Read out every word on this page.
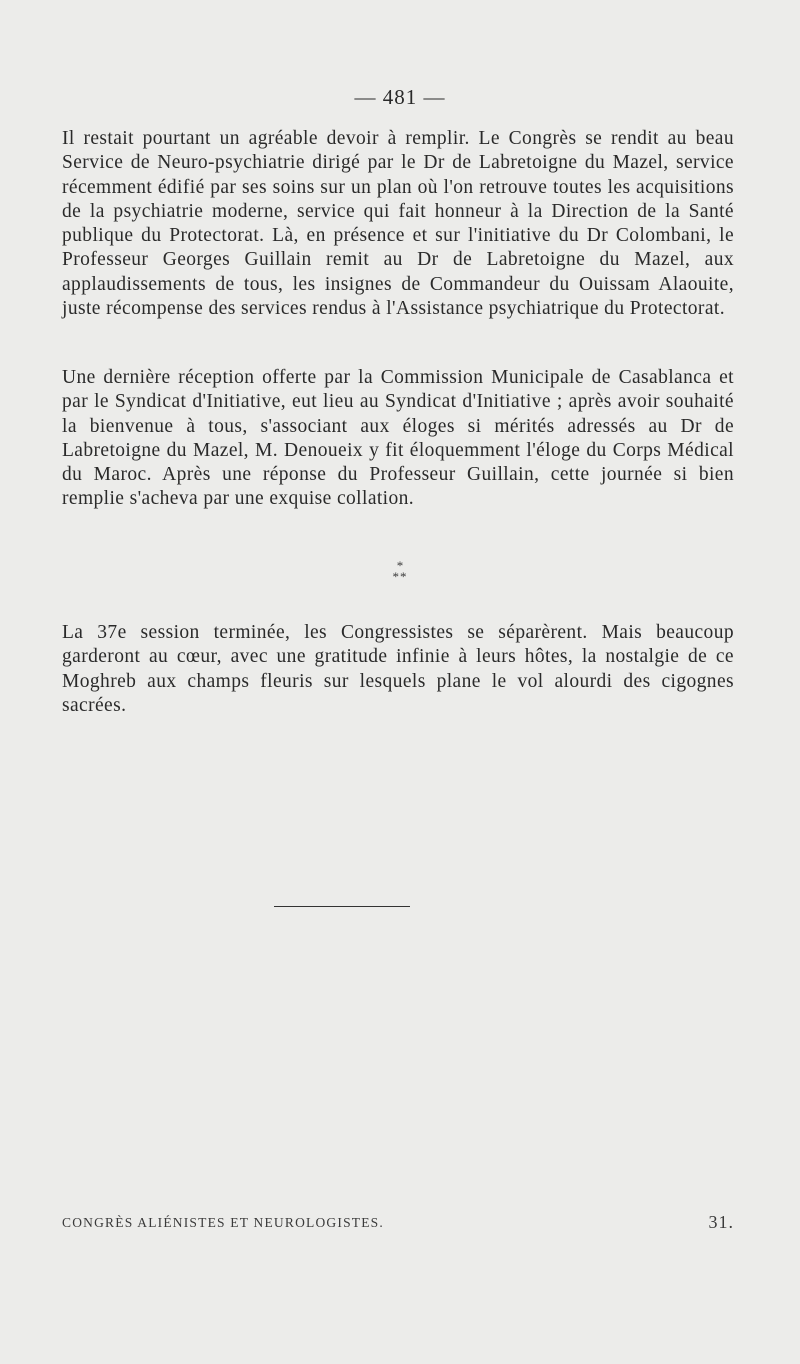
— 481 —

Il restait pourtant un agréable devoir à remplir. Le Congrès se rendit au beau Service de Neuro-psychiatrie dirigé par le Dr de Labretoigne du Mazel, service récemment édifié par ses soins sur un plan où l'on retrouve toutes les acquisitions de la psychiatrie moderne, service qui fait honneur à la Direction de la Santé publique du Protectorat. Là, en présence et sur l'initiative du Dr Colombani, le Professeur Georges Guillain remit au Dr de Labretoigne du Mazel, aux applaudissements de tous, les insignes de Commandeur du Ouissam Alaouite, juste récompense des services rendus à l'Assistance psychiatrique du Protectorat.

Une dernière réception offerte par la Commission Municipale de Casablanca et par le Syndicat d'Initiative, eut lieu au Syndicat d'Initiative ; après avoir souhaité la bienvenue à tous, s'associant aux éloges si mérités adressés au Dr de Labretoigne du Mazel, M. Denoueix y fit éloquemment l'éloge du Corps Médical du Maroc. Après une réponse du Professeur Guillain, cette journée si bien remplie s'acheva par une exquise collation.

*
**

La 37e session terminée, les Congressistes se séparèrent. Mais beaucoup garderont au cœur, avec une gratitude infinie à leurs hôtes, la nostalgie de ce Moghreb aux champs fleuris sur lesquels plane le vol alourdi des cigognes sacrées.

CONGRÈS ALIÉNISTES ET NEUROLOGISTES.	31.
